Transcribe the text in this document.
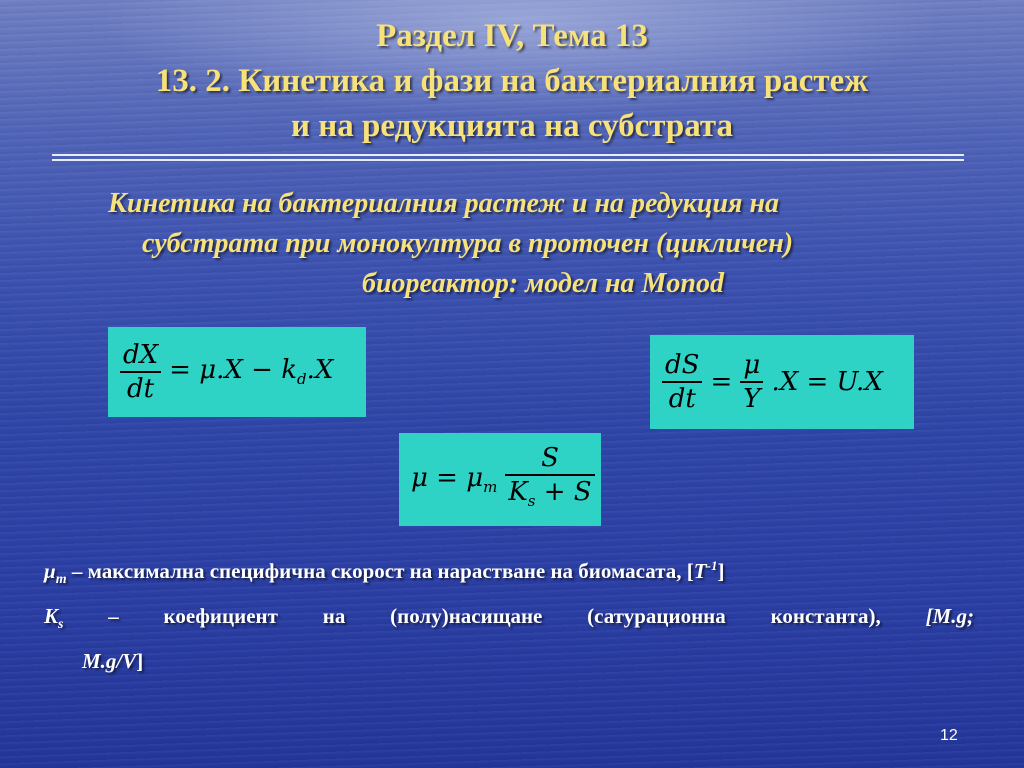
Раздел IV, Тема 13
13. 2. Кинетика и фази на бактериалния растеж
и на редукцията на субстрата
Кинетика на бактериалния растеж и на редукция на
субстрата при монокултура в проточен (цикличен)
биореактор: модел на Monod
$\frac{dX}{dt} = \mu.X - k_d.X$	$\frac{dS}{dt} = \frac{\mu}{Y} .X = U.X$
$\mu = \mu_m \frac{S}{K_s + S}$
$\mu_m$ – максимална специфична скорост на нарастване на биомасата, $[T^{-1}]$
$K_s$ – коефициент на (полу)насищане (сатурационна константа), [M.g;
M.g/V]
12
